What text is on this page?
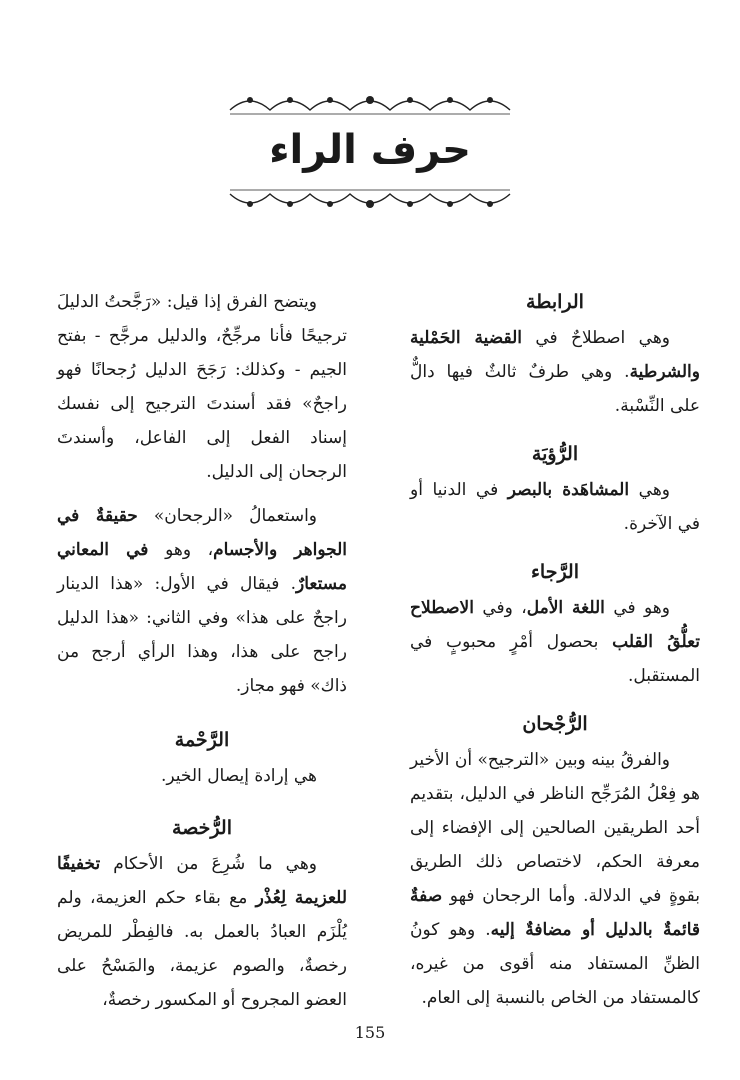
حرف الراء
الرابطة

وهي اصطلاحٌ في القضية الحَمْلية والشرطية. وهي طرفٌ ثالثٌ فيها دالٌّ على النِّسْبة.

الرُّؤيَة

وهي المشاهَدة بالبصر في الدنيا أو في الآخرة.

الرَّجاء

وهو في اللغة الأمل، وفي الاصطلاح تعلُّقُ القلب بحصول أمْرٍ محبوبٍ في المستقبل.

الرُّجْحان

والفرقُ بينه وبين «الترجيح» أن الأخير هو فِعْلُ المُرَجِّح الناظر في الدليل، بتقديم أحد الطريقين الصالحين إلى الإفضاء إلى معرفة الحكم، لاختصاص ذلك الطريق بقوةٍ في الدلالة. وأما الرجحان فهو صفةٌ قائمةٌ بالدليل أو مضافةٌ إليه. وهو كونُ الظنِّ المستفاد منه أقوى من غيره، كالمستفاد من الخاص بالنسبة إلى العام.

ويتضح الفرق إذا قيل: «رَجَّحتُ الدليلَ ترجيحًا فأنا مرجِّحٌ، والدليل مرجَّح - بفتح الجيم - وكذلك: رَجَحَ الدليل رُجحانًا فهو راجحٌ» فقد أسندتَ الترجيح إلى نفسك إسناد الفعل إلى الفاعل، وأسندتَ الرجحان إلى الدليل.

واستعمالُ «الرجحان» حقيقةٌ في الجواهر والأجسام، وهو في المعاني مستعارٌ. فيقال في الأول: «هذا الدينار راجحٌ على هذا» وفي الثاني: «هذا الدليل راجح على هذا، وهذا الرأي أرجح من ذاك» فهو مجاز.

الرَّحْمة

هي إرادة إيصال الخير.

الرُّخصة

وهي ما شُرِعَ من الأحكام تخفيفًا للعزيمة لِعُذْر مع بقاء حكم العزيمة، ولم يُلْزَم العبادُ بالعمل به. فالفِطْر للمريض رخصةٌ، والصوم عزيمة، والمَسْحُ على العضو المجروح أو المكسور رخصةٌ،

155
